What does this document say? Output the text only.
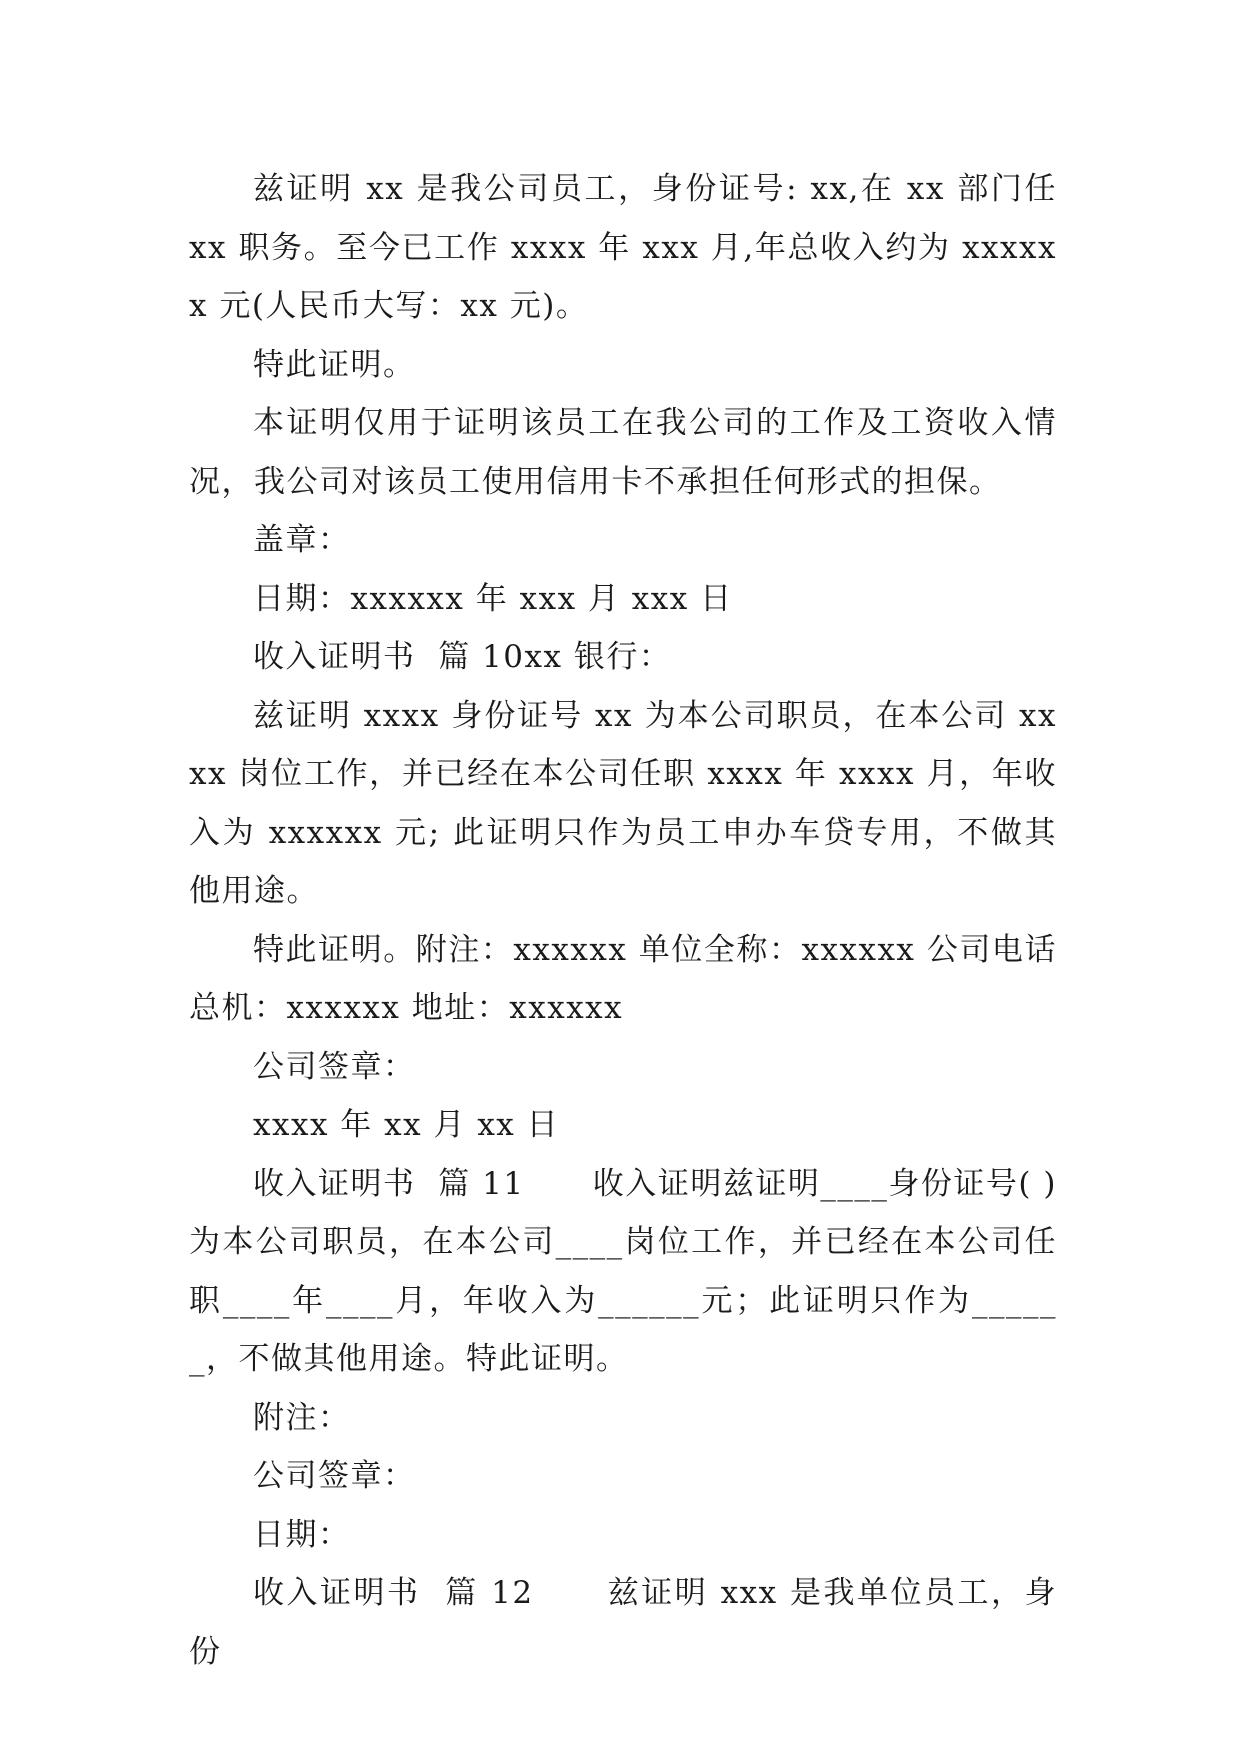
兹证明 xx 是我公司员工，身份证号: xx,在 xx 部门任 xx 职务。至今已工作 xxxx 年 xxx 月,年总收入约为 xxxxxx 元(人民币大写：xx 元)。

特此证明。

本证明仅用于证明该员工在我公司的工作及工资收入情况，我公司对该员工使用信用卡不承担任何形式的担保。

盖章：

日期：xxxxxx 年 xxx 月 xxx 日

收入证明书  篇 10xx 银行：

兹证明 xxxx 身份证号 xx 为本公司职员，在本公司 xxxx 岗位工作，并已经在本公司任职 xxxx 年 xxxx 月，年收入为 xxxxxx 元; 此证明只作为员工申办车贷专用，不做其他用途。

特此证明。附注：xxxxxx 单位全称：xxxxxx 公司电话总机：xxxxxx 地址：xxxxxx

公司签章：

xxxx 年 xx 月 xx 日

收入证明书  篇 11      收入证明兹证明____身份证号( )为本公司职员，在本公司____岗位工作，并已经在本公司任职____年____月，年收入为______元；此证明只作为______，不做其他用途。特此证明。

附注：

公司签章：

日期：

收入证明书  篇 12      兹证明 xxx 是我单位员工，身份
